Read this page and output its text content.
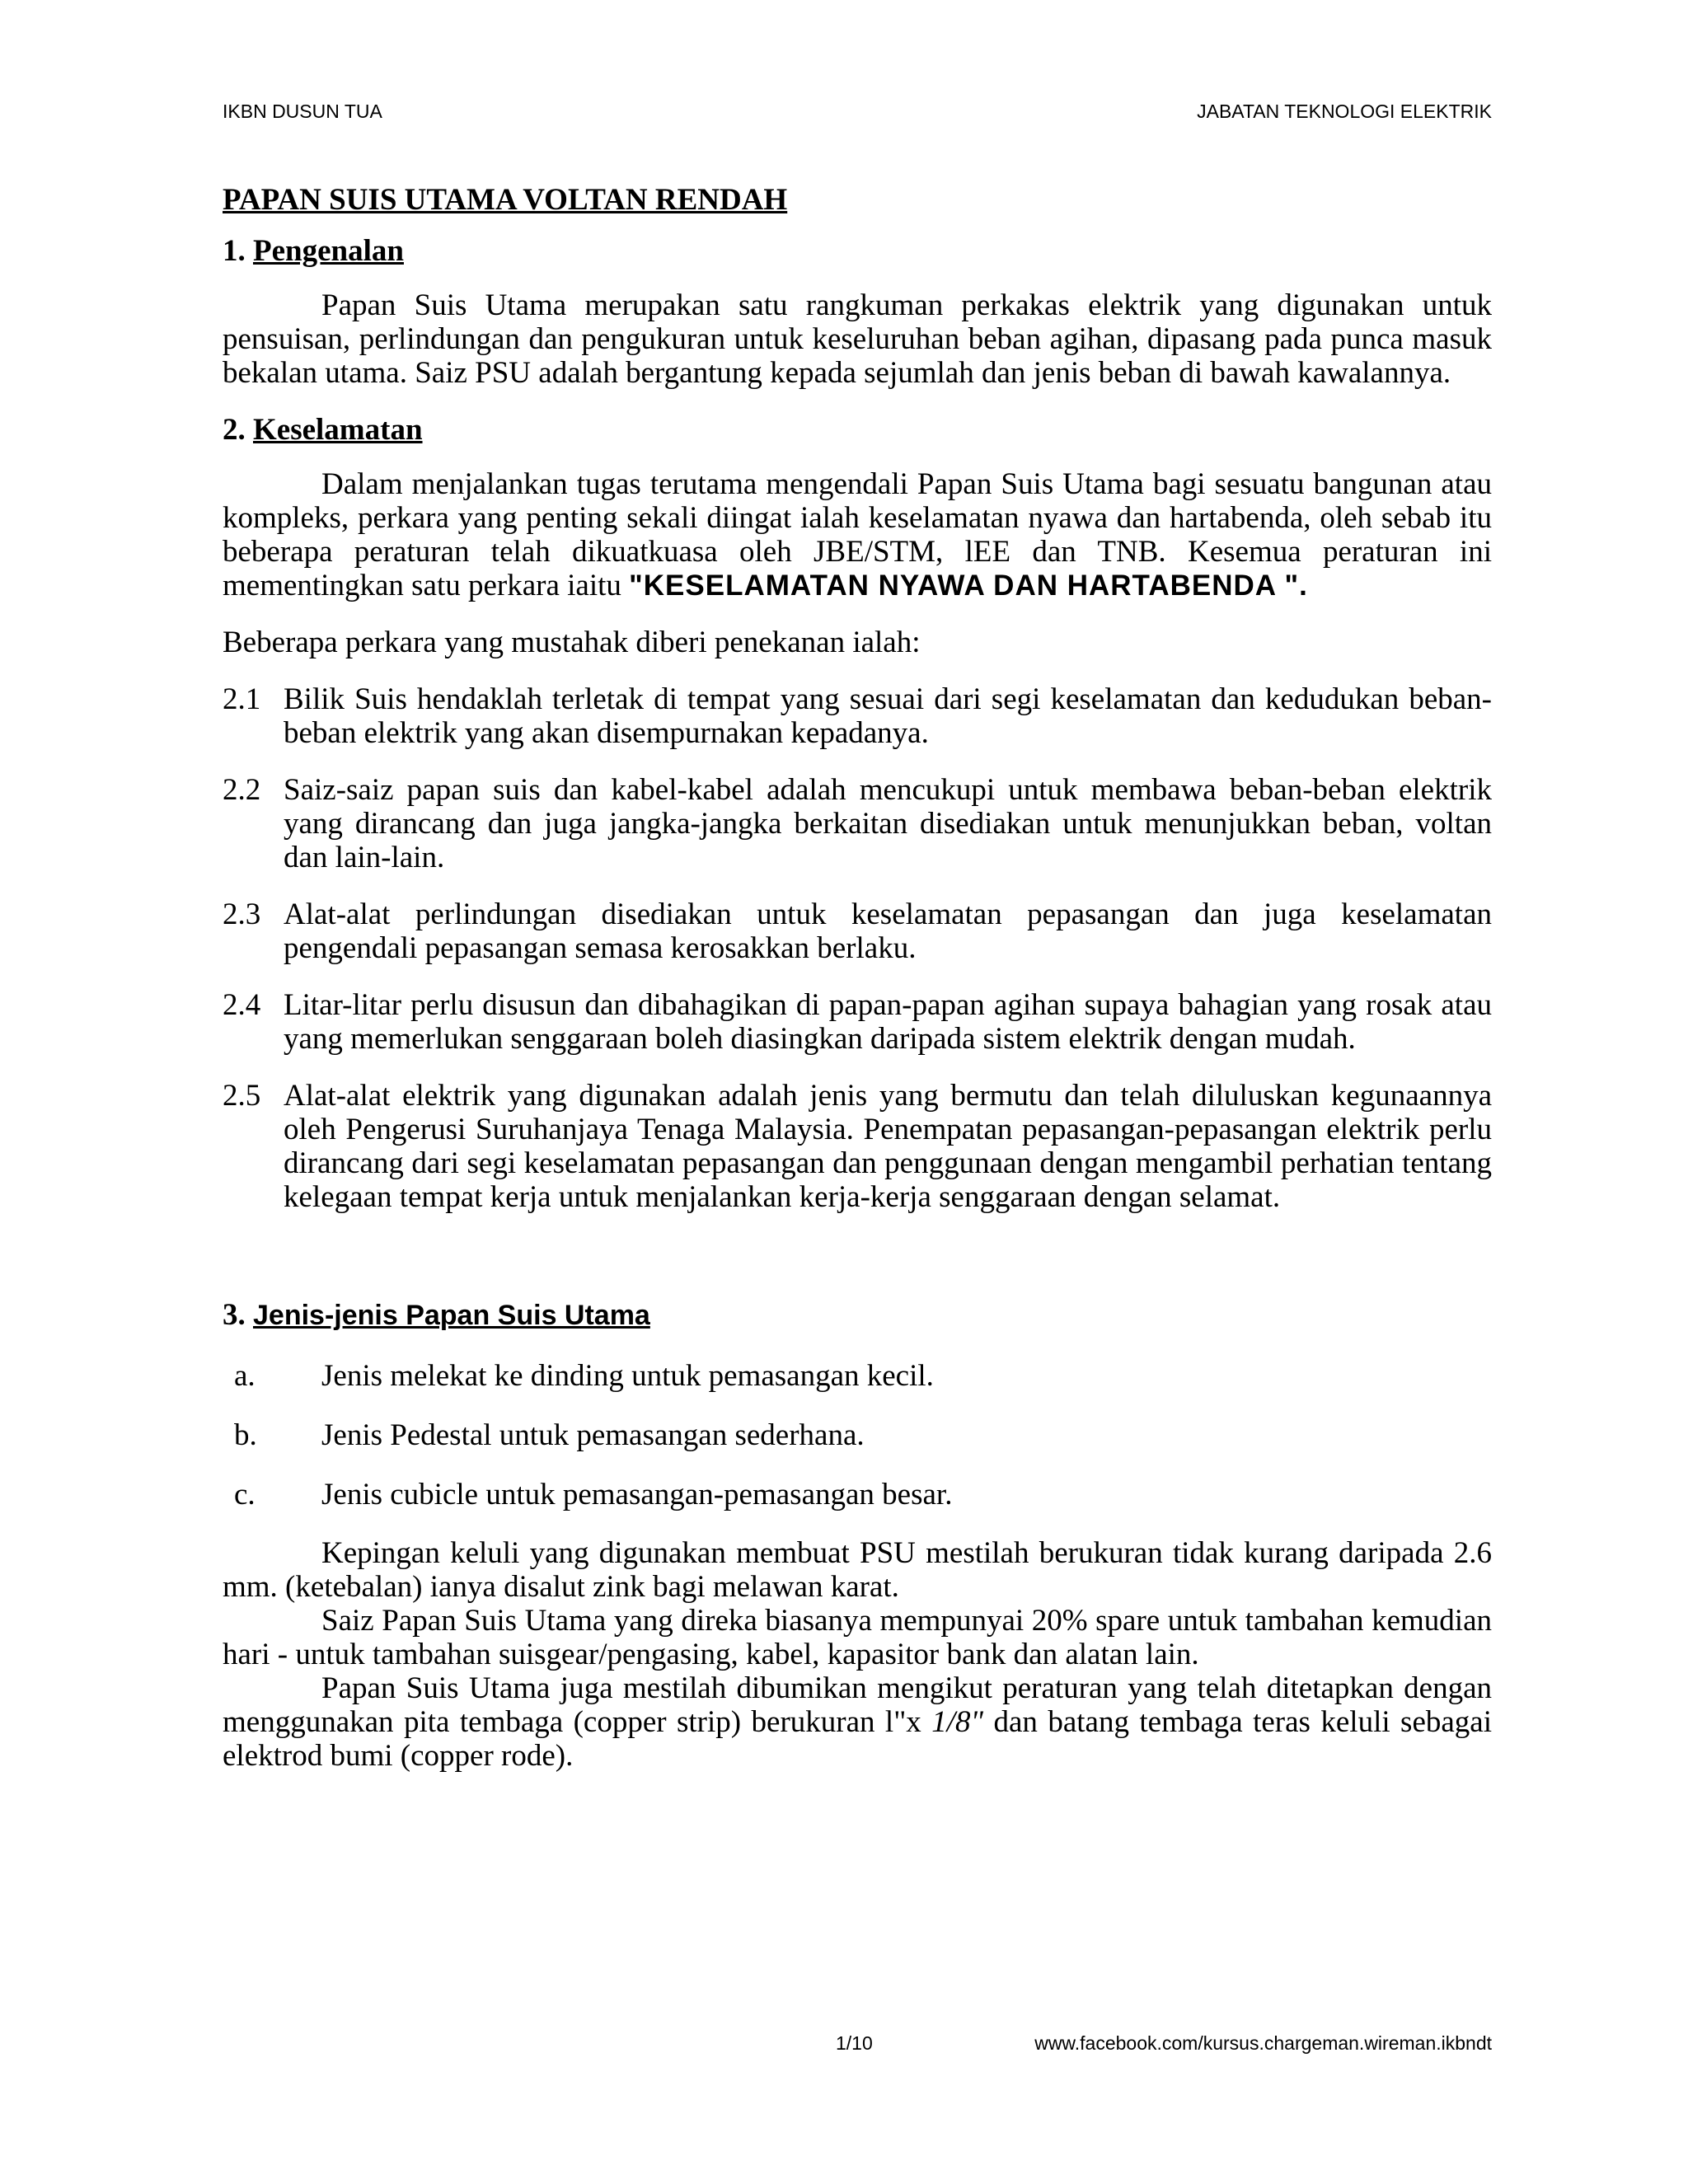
IKBN DUSUN TUA	JABATAN TEKNOLOGI ELEKTRIK
PAPAN SUIS UTAMA VOLTAN RENDAH
1. Pengenalan

Papan Suis Utama merupakan satu rangkuman perkakas elektrik yang digunakan untuk pensuisan, perlindungan dan pengukuran untuk keseluruhan beban agihan, dipasang pada punca masuk bekalan utama. Saiz PSU adalah bergantung kepada sejumlah dan jenis beban di bawah kawalannya.

2. Keselamatan

Dalam menjalankan tugas terutama mengendali Papan Suis Utama bagi sesuatu bangunan atau kompleks, perkara yang penting sekali diingat ialah keselamatan nyawa dan hartabenda, oleh sebab itu beberapa peraturan telah dikuatkuasa oleh JBE/STM, lEE dan TNB. Kesemua peraturan ini mementingkan satu perkara iaitu "KESELAMATAN NYAWA DAN HARTABENDA ".

Beberapa perkara yang mustahak diberi penekanan ialah:

2.1 Bilik Suis hendaklah terletak di tempat yang sesuai dari segi keselamatan dan kedudukan beban-beban elektrik yang akan disempurnakan kepadanya.
2.2 Saiz-saiz papan suis dan kabel-kabel adalah mencukupi untuk membawa beban-beban elektrik yang dirancang dan juga jangka-jangka berkaitan disediakan untuk menunjukkan beban, voltan dan lain-lain.
2.3 Alat-alat perlindungan disediakan untuk keselamatan pepasangan dan juga keselamatan pengendali pepasangan semasa kerosakkan berlaku.
2.4 Litar-litar perlu disusun dan dibahagikan di papan-papan agihan supaya bahagian yang rosak atau yang memerlukan senggaraan boleh diasingkan daripada sistem elektrik dengan mudah.
2.5 Alat-alat elektrik yang digunakan adalah jenis yang bermutu dan telah diluluskan kegunaannya oleh Pengerusi Suruhanjaya Tenaga Malaysia. Penempatan pepasangan-pepasangan elektrik perlu dirancang dari segi keselamatan pepasangan dan penggunaan dengan mengambil perhatian tentang kelegaan tempat kerja untuk menjalankan kerja-kerja senggaraan dengan selamat.
3. Jenis-jenis Papan Suis Utama
a. Jenis melekat ke dinding untuk pemasangan kecil.
b. Jenis Pedestal untuk pemasangan sederhana.
c. Jenis cubicle untuk pemasangan-pemasangan besar.

Kepingan keluli yang digunakan membuat PSU mestilah berukuran tidak kurang daripada 2.6 mm. (ketebalan) ianya disalut zink bagi melawan karat.

Saiz Papan Suis Utama yang direka biasanya mempunyai 20% spare untuk tambahan kemudian hari - untuk tambahan suisgear/pengasing, kabel, kapasitor bank dan alatan lain.

Papan Suis Utama juga mestilah dibumikan mengikut peraturan yang telah ditetapkan dengan menggunakan pita tembaga (copper strip) berukuran l"x 1/8" dan batang tembaga teras keluli sebagai elektrod bumi (copper rode).

1/10	www.facebook.com/kursus.chargeman.wireman.ikbndt
